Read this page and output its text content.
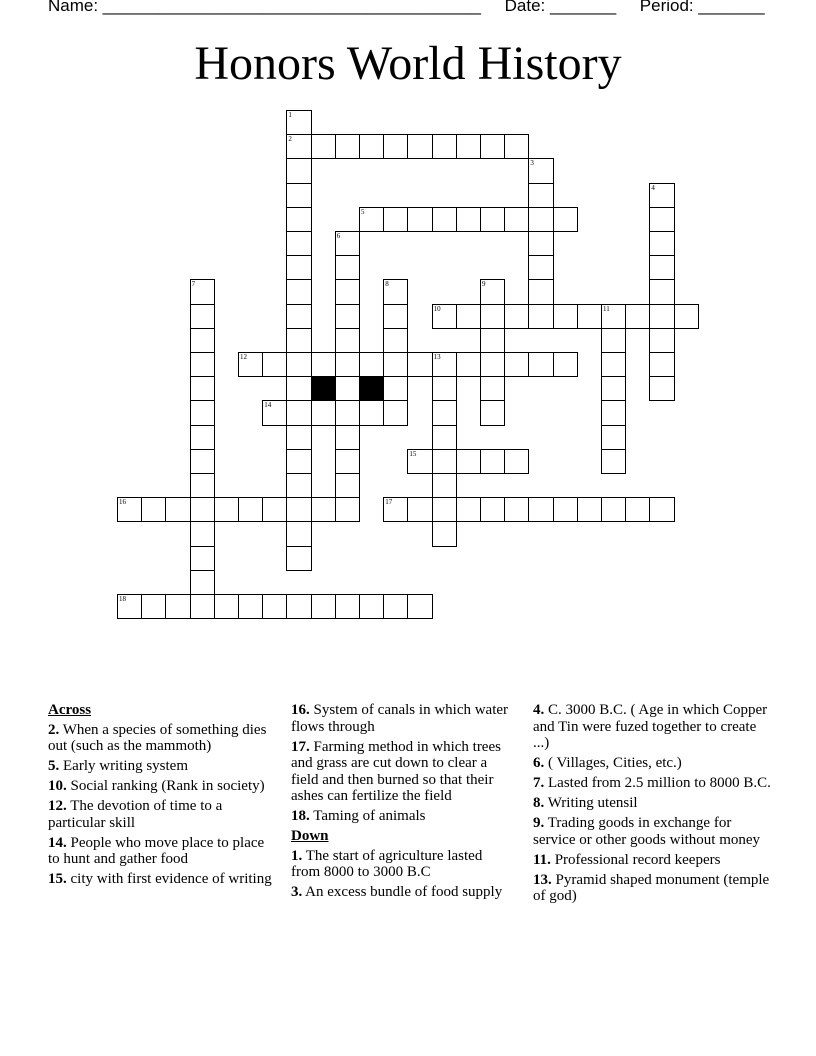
Name: ________________________________________ Date: _______ Period: _______
Honors World History
2
5
10	11
12	13
14
15
16	17
18
1
3
4
6
7	8	9
Across
2. When a species of something dies out (such as the mammoth)
5. Early writing system
10. Social ranking (Rank in society)
12. The devotion of time to a particular skill
14. People who move place to place to hunt and gather food
15. city with first evidence of writing
16. System of canals in which water flows through
17. Farming method in which trees and grass are cut down to clear a field and then burned so that their ashes can fertilize the field
18. Taming of animals
Down
1. The start of agriculture lasted from 8000 to 3000 B.C
3. An excess bundle of food supply
4. C. 3000 B.C. ( Age in which Copper and Tin were fuzed together to create ...)
6. ( Villages, Cities, etc.)
7. Lasted from 2.5 million to 8000 B.C.
8. Writing utensil
9. Trading goods in exchange for service or other goods without money
11. Professional record keepers
13. Pyramid shaped monument (temple of god)
